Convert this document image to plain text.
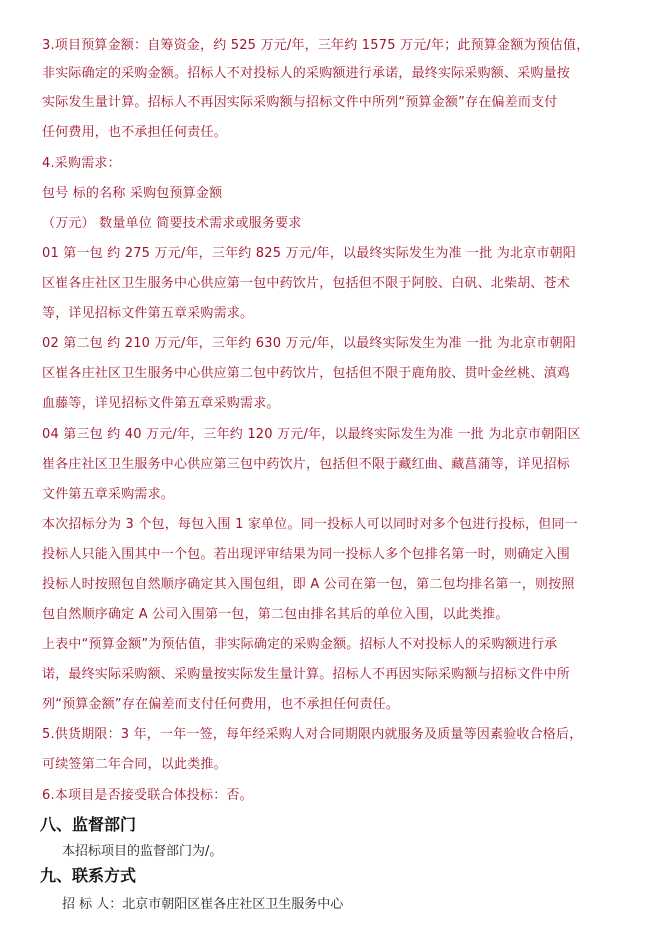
3.项目预算金额：自筹资金，约 525 万元/年，三年约 1575 万元/年；此预算金额为预估值，
非实际确定的采购金额。招标人不对投标人的采购额进行承诺，最终实际采购额、采购量按
实际发生量计算。招标人不再因实际采购额与招标文件中所列“预算金额”存在偏差而支付
任何费用，也不承担任何责任。
4.采购需求：
包号 标的名称 采购包预算金额
（万元） 数量单位 简要技术需求或服务要求
01 第一包 约 275 万元/年，三年约 825 万元/年，以最终实际发生为准 一批 为北京市朝阳
区崔各庄社区卫生服务中心供应第一包中药饮片，包括但不限于阿胶、白矾、北柴胡、苍术
等，详见招标文件第五章采购需求。
02 第二包 约 210 万元/年，三年约 630 万元/年，以最终实际发生为准 一批 为北京市朝阳
区崔各庄社区卫生服务中心供应第二包中药饮片，包括但不限于鹿角胶、贯叶金丝桃、滇鸡
血藤等，详见招标文件第五章采购需求。
04 第三包 约 40 万元/年，三年约 120 万元/年，以最终实际发生为准 一批 为北京市朝阳区
崔各庄社区卫生服务中心供应第三包中药饮片，包括但不限于藏红曲、藏菖蒲等，详见招标
文件第五章采购需求。
本次招标分为 3 个包，每包入围 1 家单位。同一投标人可以同时对多个包进行投标，但同一
投标人只能入围其中一个包。若出现评审结果为同一投标人多个包排名第一时，则确定入围
投标人时按照包自然顺序确定其入围包组，即 A 公司在第一包，第二包均排名第一，则按照
包自然顺序确定 A 公司入围第一包，第二包由排名其后的单位入围，以此类推。
上表中“预算金额”为预估值，非实际确定的采购金额。招标人不对投标人的采购额进行承
诺，最终实际采购额、采购量按实际发生量计算。招标人不再因实际采购额与招标文件中所
列“预算金额”存在偏差而支付任何费用，也不承担任何责任。
5.供货期限：3 年，一年一签，每年经采购人对合同期限内就服务及质量等因素验收合格后，
可续签第二年合同，以此类推。
6.本项目是否接受联合体投标：否。
八、监督部门
本招标项目的监督部门为/。
九、联系方式
招 标 人：北京市朝阳区崔各庄社区卫生服务中心
